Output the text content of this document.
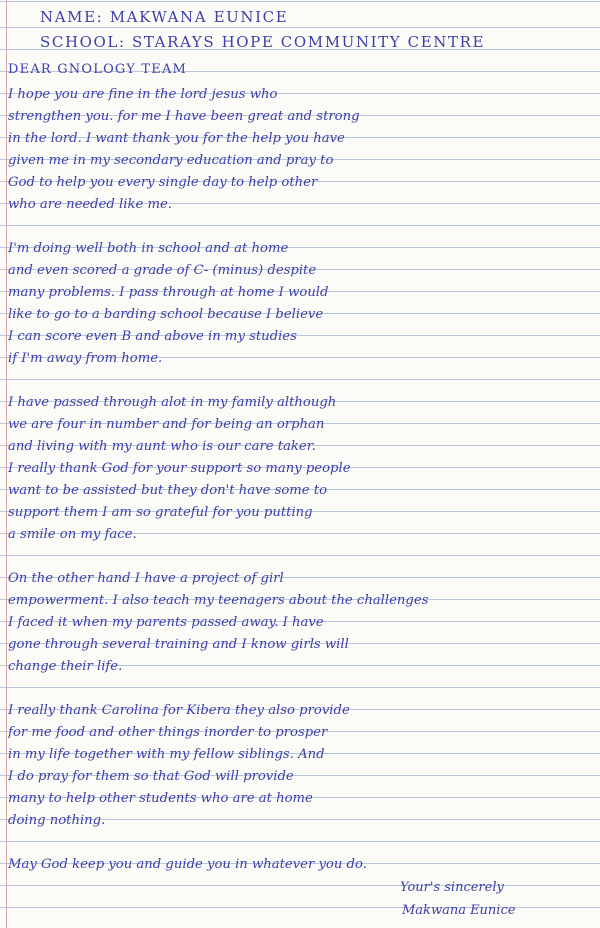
NAME: MAKWANA EUNICE
SCHOOL: STARAYS HOPE COMMUNITY CENTRE
DEAR GNOLOGY TEAM
I hope you are fine in the lord jesus who
strengthen you. for me I have been great and strong
in the lord. I want thank you for the help you have
given me in my secondary education and pray to
God to help you every single day to help other
who are needed like me.
I'm doing well both in school and at home
and even scored a grade of C- (minus) despite
many problems. I pass through at home I would
like to go to a barding school because I believe
I can score even B and above in my studies
if I'm away from home.
I have passed through alot in my family although
we are four in number and for being an orphan
and living with my aunt who is our care taker.
I really thank God for your support so many people
want to be assisted but they don't have some to
support them I am so grateful for you putting
a smile on my face.
On the other hand I have a project of girl
empowerment. I also teach my teenagers about the challenges
I faced it when my parents passed away. I have
gone through several training and I know girls will
change their life.
I really thank Carolina for Kibera they also provide
for me food and other things inorder to prosper
in my life together with my fellow siblings. And
I do pray for them so that God will provide
many to help other students who are at home
doing nothing.
May God keep you and guide you in whatever you do.
Your's sincerely
Makwana Eunice
